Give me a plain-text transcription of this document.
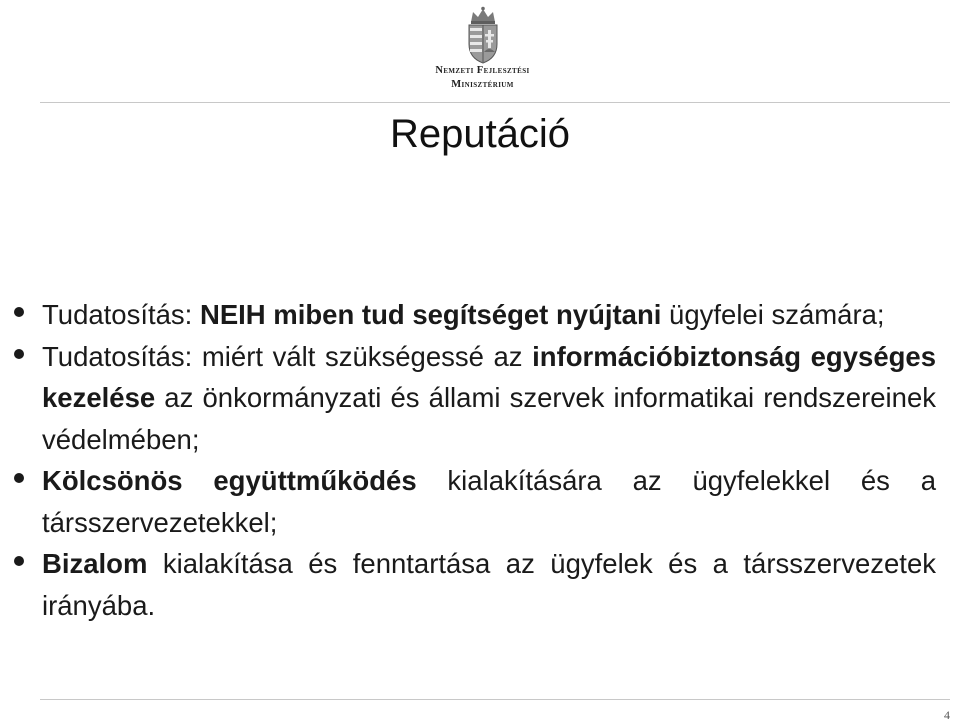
Nemzeti Fejlesztési
Minisztérium
Reputáció
Tudatosítás: NEIH miben tud segítséget nyújtani ügyfelei számára;
Tudatosítás: miért vált szükségessé az információbiztonság egységes kezelése az önkormányzati és állami szervek informatikai rendszereinek védelmében;
Kölcsönös együttműködés kialakítására az ügyfelekkel és a társszervezetekkel;
Bizalom kialakítása és fenntartása az ügyfelek és a társszervezetek irányába.
4
